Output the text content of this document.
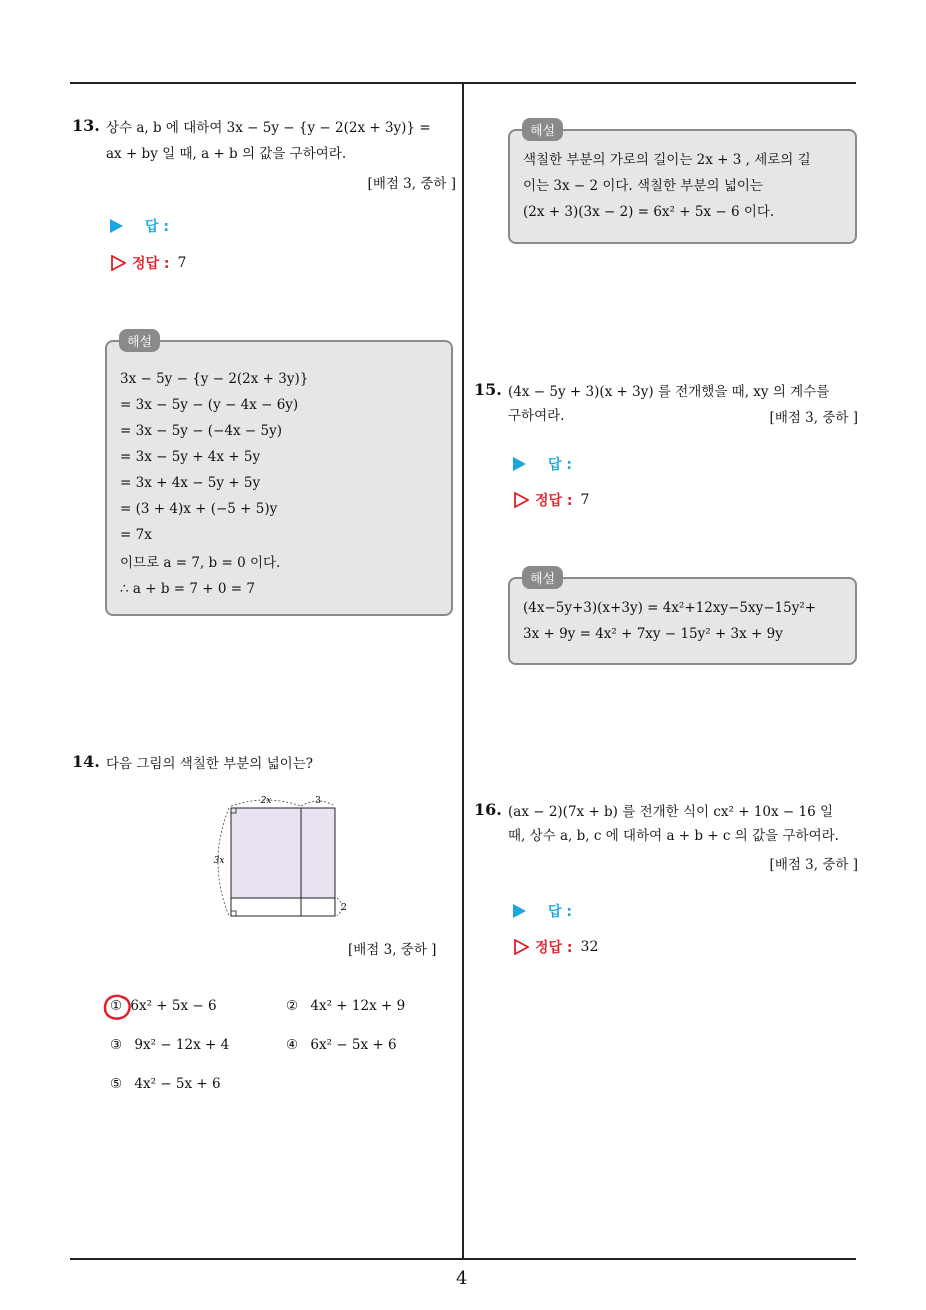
13. 상수 a, b 에 대하여 3x − 5y − {y − 2(2x + 3y)} =
ax + by 일 때, a + b 의 값을 구하여라.
[배점 3, 중하 ]
답 :
정답 : 7
해설
3x − 5y − {y − 2(2x + 3y)}
= 3x − 5y − (y − 4x − 6y)
= 3x − 5y − (−4x − 5y)
= 3x − 5y + 4x + 5y
= 3x + 4x − 5y + 5y
= (3 + 4)x + (−5 + 5)y
= 7x
이므로 a = 7, b = 0 이다.
∴ a + b = 7 + 0 = 7
14. 다음 그림의 색칠한 부분의 넓이는?
2x	3
3x
2
[배점 3, 중하 ]
① 6x² + 5x − 6	② 4x² + 12x + 9
③ 9x² − 12x + 4	④ 6x² − 5x + 6
⑤ 4x² − 5x + 6
해설
색칠한 부분의 가로의 길이는 2x + 3 , 세로의 길
이는 3x − 2 이다. 색칠한 부분의 넓이는
(2x + 3)(3x − 2) = 6x² + 5x − 6 이다.
15. (4x − 5y + 3)(x + 3y) 를 전개했을 때, xy 의 계수를
구하여라.	[배점 3, 중하 ]
답 :
정답 : 7
해설
(4x−5y+3)(x+3y) = 4x²+12xy−5xy−15y²+
3x + 9y = 4x² + 7xy − 15y² + 3x + 9y
16. (ax − 2)(7x + b) 를 전개한 식이 cx² + 10x − 16 일
때, 상수 a, b, c 에 대하여 a + b + c 의 값을 구하여라.
[배점 3, 중하 ]
답 :
정답 : 32
4
